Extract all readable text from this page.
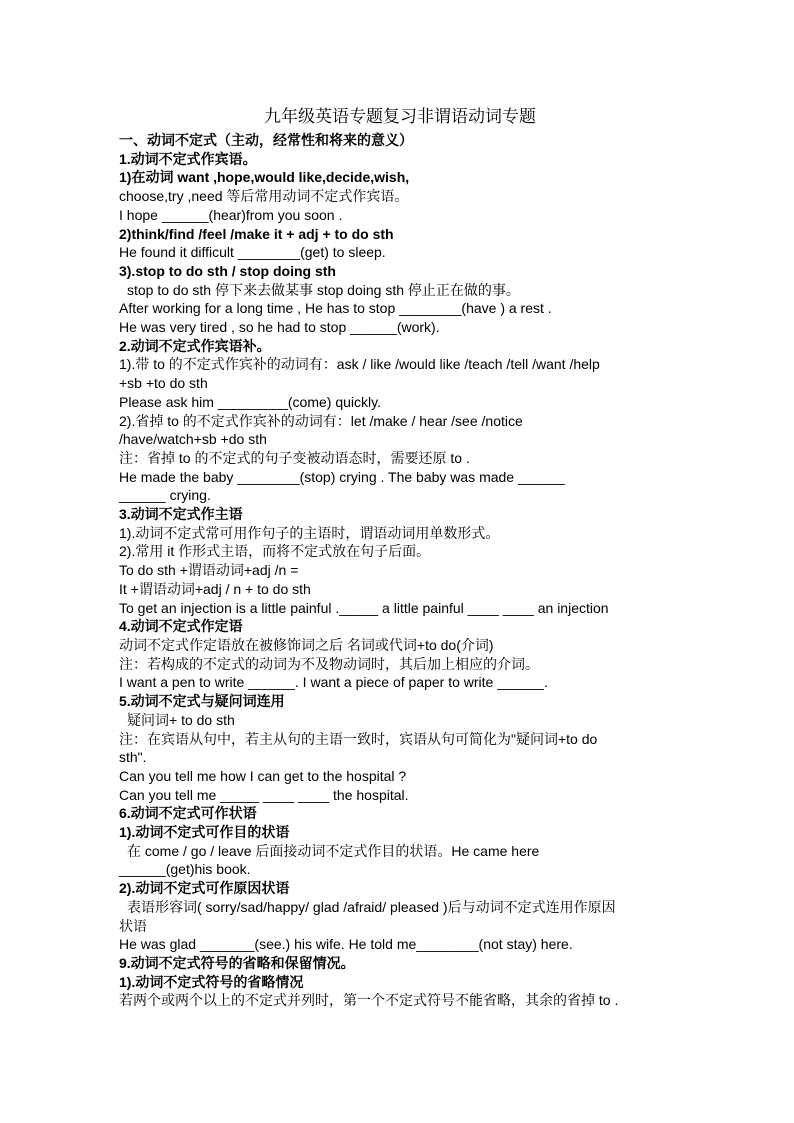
九年级英语专题复习非谓语动词专题
一、动词不定式（主动，经常性和将来的意义）
1.动词不定式作宾语。
1)在动词 want ,hope,would like,decide,wish,
choose,try ,need 等后常用动词不定式作宾语。
I hope ______(hear)from you soon .
2)think/find /feel /make it + adj + to do sth
He found it difficult ________(get) to sleep.
3).stop to do sth / stop doing sth
stop to do sth 停下来去做某事 stop doing sth 停止正在做的事。
After working for a long time , He has to stop ________(have ) a rest .
He was very tired , so he had to stop ______(work).
2.动词不定式作宾语补。
1).带 to 的不定式作宾补的动词有：ask / like /would like /teach /tell /want /help
+sb +to do sth
Please ask him _________(come) quickly.
2).省掉 to 的不定式作宾补的动词有：let /make / hear /see /notice
/have/watch+sb +do sth
注：省掉 to 的不定式的句子变被动语态时，需要还原 to .
He made the baby ________(stop) crying . The baby was made ______
______ crying.
3.动词不定式作主语
1).动词不定式常可用作句子的主语时，谓语动词用单数形式。
2).常用 it 作形式主语，而将不定式放在句子后面。
To do sth +谓语动词+adj /n =
It +谓语动词+adj / n + to do sth
To get an injection is a little painful ._____ a little painful ____ ____ an injection
4.动词不定式作定语
动词不定式作定语放在被修饰词之后 名词或代词+to do(介词)
注：若构成的不定式的动词为不及物动词时，其后加上相应的介词。
I want a pen to write ______. I want a piece of paper to write ______.
5.动词不定式与疑问词连用
疑问词+ to do sth
注：在宾语从句中，若主从句的主语一致时，宾语从句可简化为"疑问词+to do
sth".
Can you tell me how I can get to the hospital ?
Can you tell me _____ ____ ____ the hospital.
6.动词不定式可作状语
1).动词不定式可作目的状语
在 come / go / leave 后面接动词不定式作目的状语。He came here
______(get)his book.
2).动词不定式可作原因状语
表语形容词( sorry/sad/happy/ glad /afraid/ pleased )后与动词不定式连用作原因
状语
He was glad _______(see.) his wife. He told me________(not stay) here.
9.动词不定式符号的省略和保留情况。
1).动词不定式符号的省略情况
若两个或两个以上的不定式并列时，第一个不定式符号不能省略，其余的省掉 to .
